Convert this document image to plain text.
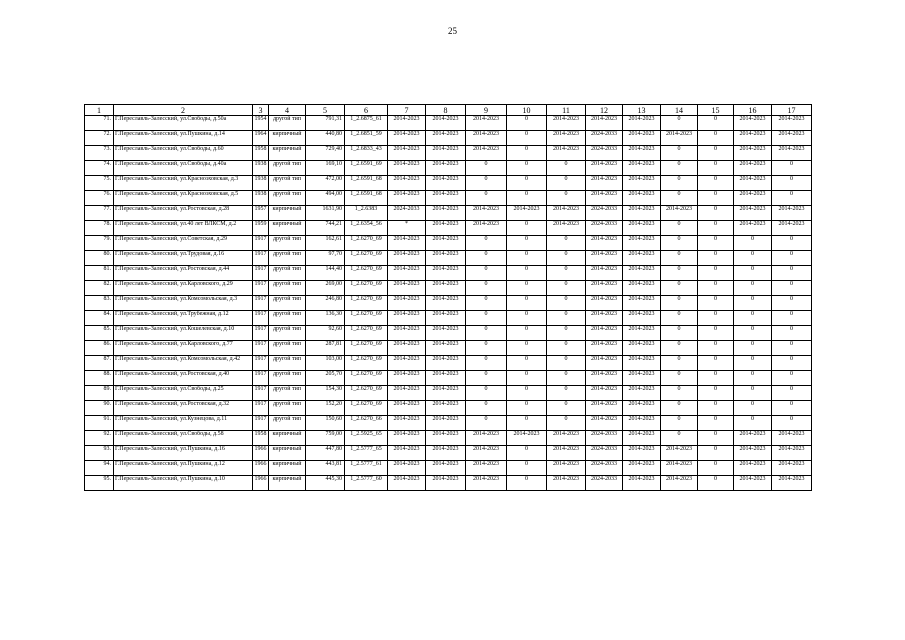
25
1	2	3	4	5	6	7	8	9	10	11	12	13	14	15	16	17
71.	Г.Переславль-Залесский, ул.Свободы, д.50а	1954	другой тип	791,31	1_2.6875_61	2014-2023	2014-2023	2014-2023	0	2014-2023	2014-2023	2014-2023	0	0	2014-2023	2014-2023
72.	Г.Переславль-Залесский, ул.Пушкина, д.14	1964	кирпичный	440,80	1_2.6851_59	2014-2023	2014-2023	2014-2023	0	2014-2023	2024-2033	2014-2023	2014-2023	0	2014-2023	2014-2023
73.	Г.Переславль-Залесский, ул.Свободы, д.60	1958	кирпичный	729,40	1_2.6833_43	2014-2023	2014-2023	2014-2023	0	2014-2023	2024-2033	2014-2023	0	0	2014-2023	2014-2023
74.	Г.Переславль-Залесский, ул.Свободы, д.40а	1938	другой тип	169,10	1_2.6591_69	2014-2023	2014-2023	0	0	0	2014-2023	2014-2023	0	0	2014-2023	0
75.	Г.Переславль-Залесский, ул.Красноэховская, д.3	1938	другой тип	472,00	1_2.6591_68	2014-2023	2014-2023	0	0	0	2014-2023	2014-2023	0	0	2014-2023	0
76.	Г.Переславль-Залесский, ул.Красноэховская, д.5	1938	другой тип	494,00	1_2.6591_68	2014-2023	2014-2023	0	0	0	2014-2023	2014-2023	0	0	2014-2023	0
77.	Г.Переславль-Залесский, ул.Ростовская, д.28	1957	кирпичный	1631,90	1_2.6383	2024-2033	2014-2023	2014-2023	2014-2023	2014-2023	2024-2033	2014-2023	2014-2023	0	2014-2023	2014-2023
78.	Г.Переславль-Залесский, ул.40 лет ВЛКСМ, д.2	1959	кирпичный	744,21	1_2.6354_56	*	2014-2023	2014-2023	0	2014-2023	2024-2033	2014-2023	0	0	2014-2023	2014-2023
79.	Г.Переславль-Залесский, ул.Советская, д.29	1917	другой тип	162,61	1_2.6270_69	2014-2023	2014-2023	0	0	0	2014-2023	2014-2023	0	0	0	0
80.	Г.Переславль-Залесский, ул.Трудовая, д.16	1917	другой тип	97,70	1_2.6270_69	2014-2023	2014-2023	0	0	0	2014-2023	2014-2023	0	0	0	0
81.	Г.Переславль-Залесский, ул.Ростовская, д.44	1917	другой тип	144,40	1_2.6270_69	2014-2023	2014-2023	0	0	0	2014-2023	2014-2023	0	0	0	0
82.	Г.Переславль-Залесский, ул.Карловского, д.29	1917	другой тип	269,00	1_2.6270_69	2014-2023	2014-2023	0	0	0	2014-2023	2014-2023	0	0	0	0
83.	Г.Переславль-Залесский, ул.Комсомольская, д.3	1917	другой тип	246,80	1_2.6270_69	2014-2023	2014-2023	0	0	0	2014-2023	2014-2023	0	0	0	0
84.	Г.Переславль-Залесский, ул.Трубежная, д.12	1917	другой тип	136,30	1_2.6270_69	2014-2023	2014-2023	0	0	0	2014-2023	2014-2023	0	0	0	0
85.	Г.Переславль-Залесский, ул.Кошелевская, д.10	1917	другой тип	92,60	1_2.6270_69	2014-2023	2014-2023	0	0	0	2014-2023	2014-2023	0	0	0	0
86.	Г.Переславль-Залесский, ул.Карловского, д.77	1917	другой тип	287,81	1_2.6270_69	2014-2023	2014-2023	0	0	0	2014-2023	2014-2023	0	0	0	0
87.	Г.Переславль-Залесский, ул.Комсомольская, д.42	1917	другой тип	103,00	1_2.6270_69	2014-2023	2014-2023	0	0	0	2014-2023	2014-2023	0	0	0	0
88.	Г.Переславль-Залесский, ул.Ростовская, д.40	1917	другой тип	205,70	1_2.6270_69	2014-2023	2014-2023	0	0	0	2014-2023	2014-2023	0	0	0	0
89.	Г.Переславль-Залесский, ул.Свободы, д.25	1917	другой тип	154,30	1_2.6270_69	2014-2023	2014-2023	0	0	0	2014-2023	2014-2023	0	0	0	0
90.	Г.Переславль-Залесский, ул.Ростовская, д.32	1917	другой тип	152,20	1_2.6270_69	2014-2023	2014-2023	0	0	0	2014-2023	2014-2023	0	0	0	0
91.	Г.Переславль-Залесский, ул.Кузнецова, д.11	1917	другой тип	150,60	1_2.6270_66	2014-2023	2014-2023	0	0	0	2014-2023	2014-2023	0	0	0	0
92.	Г.Переславль-Залесский, ул.Свободы, д.58	1958	кирпичный	759,00	1_2.5925_65	2014-2023	2014-2023	2014-2023	2014-2023	2014-2023	2024-2033	2014-2023	0	0	2014-2023	2014-2023
93.	Г.Переславль-Залесский, ул.Пушкина, д.16	1966	кирпичный	447,80	1_2.5777_65	2014-2023	2014-2023	2014-2023	0	2014-2023	2024-2033	2014-2023	2014-2023	0	2014-2023	2014-2023
94.	Г.Переславль-Залесский, ул.Пушкина, д.12	1966	кирпичный	443,81	1_2.5777_61	2014-2023	2014-2023	2014-2023	0	2014-2023	2024-2033	2014-2023	2014-2023	0	2014-2023	2014-2023
95.	Г.Переславль-Залесский, ул.Пушкина, д.10	1966	кирпичный	445,30	1_2.5777_60	2014-2023	2014-2023	2014-2023	0	2014-2023	2024-2033	2014-2023	2014-2023	0	2014-2023	2014-2023
